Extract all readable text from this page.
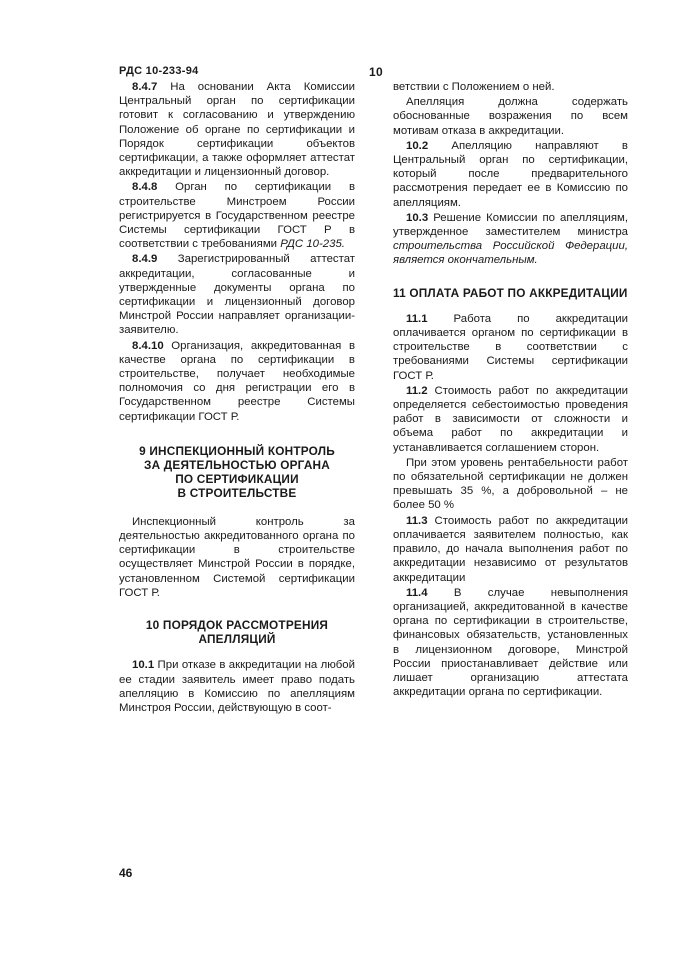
РДС 10-233-94	10

8.4.7 На основании Акта Комиссии Центральный орган по сертификации готовит к согласованию и утверждению Положение об органе по сертификации и Порядок сертификации объектов сертификации, а также оформляет аттестат аккредитации и лицензионный договор.

8.4.8 Орган по сертификации в строительстве Минстроем России регистрируется в Государственном реестре Системы сертификации ГОСТ Р в соответствии с требованиями РДС 10-235.

8.4.9 Зарегистрированный аттестат аккредитации, согласованные и утвержденные документы органа по сертификации и лицензионный договор Минстрой России направляет организации-заявителю.

8.4.10 Организация, аккредитованная в качестве органа по сертификации в строительстве, получает необходимые полномочия со дня регистрации его в Государственном реестре Системы сертификации ГОСТ Р.

9 ИНСПЕКЦИОННЫЙ КОНТРОЛЬ
ЗА ДЕЯТЕЛЬНОСТЬЮ ОРГАНА
ПО СЕРТИФИКАЦИИ
В СТРОИТЕЛЬСТВЕ

Инспекционный контроль за деятельностью аккредитованного органа по сертификации в строительстве осуществляет Минстрой России в порядке, установленном Системой сертификации ГОСТ Р.

10 ПОРЯДОК РАССМОТРЕНИЯ
АПЕЛЛЯЦИЙ

10.1 При отказе в аккредитации на любой ее стадии заявитель имеет право подать апелляцию в Комиссию по апелляциям Минстроя России, действующую в соот-

ветствии с Положением о ней.

Апелляция должна содержать обоснованные возражения по всем мотивам отказа в аккредитации.

10.2 Апелляцию направляют в Центральный орган по сертификации, который после предварительного рассмотрения передает ее в Комиссию по апелляциям.

10.3 Решение Комиссии по апелляциям, утвержденное заместителем министра строительства Российской Федерации, является окончательным.

11 ОПЛАТА РАБОТ ПО АККРЕДИТАЦИИ

11.1 Работа по аккредитации оплачивается органом по сертификации в строительстве в соответствии с требованиями Системы сертификации ГОСТ Р.

11.2 Стоимость работ по аккредитации определяется себестоимостью проведения работ в зависимости от сложности и объема работ по аккредитации и устанавливается соглашением сторон.

При этом уровень рентабельности работ по обязательной сертификации не должен превышать 35 %, а добровольной – не более 50 %

11.3 Стоимость работ по аккредитации оплачивается заявителем полностью, как правило, до начала выполнения работ по аккредитации независимо от результатов аккредитации

11.4 В случае невыполнения организацией, аккредитованной в качестве органа по сертификации в строительстве, финансовых обязательств, установленных в лицензионном договоре, Минстрой России приостанавливает действие или лишает организацию аттестата аккредитации органа по сертификации.

46
